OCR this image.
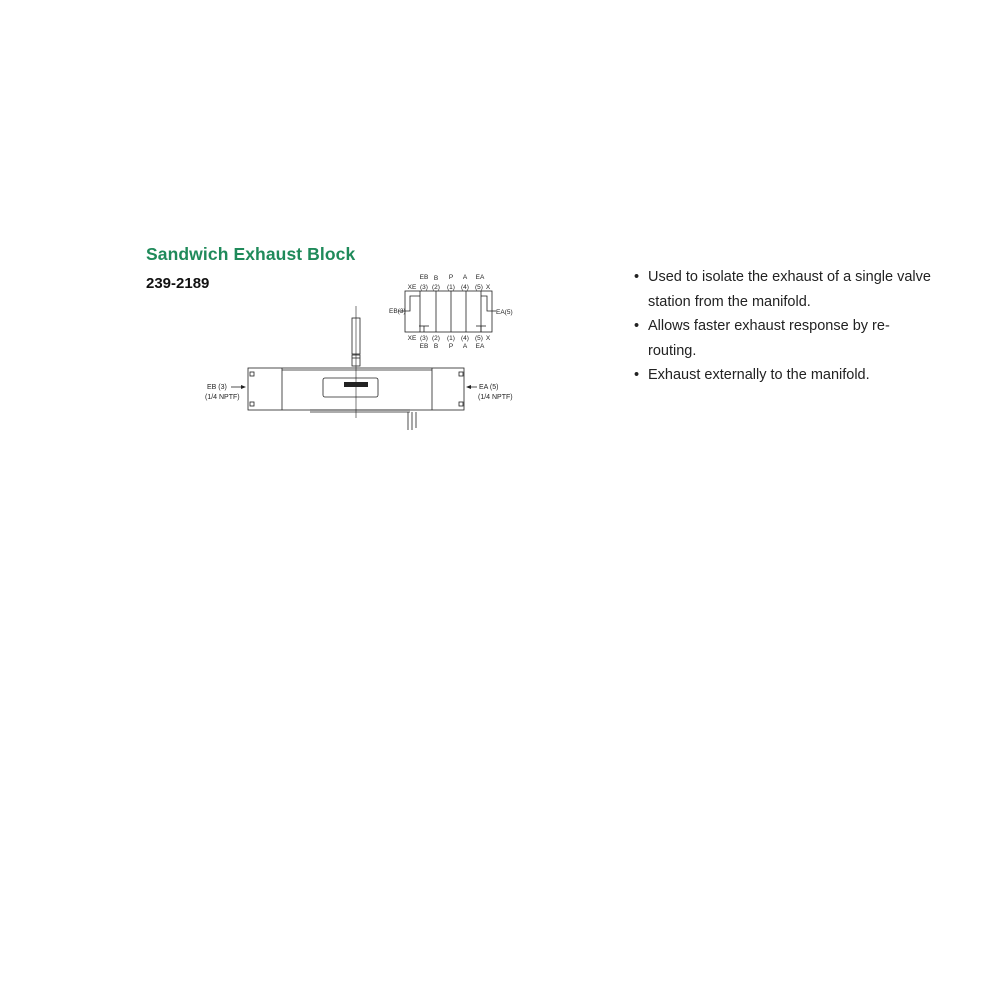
Sandwich Exhaust Block
239-2189
•	Used to isolate the exhaust of a single valve station from the manifold.
• Allows faster exhaust response by re-routing.
• Exhaust externally to the manifold.
EB B P A EA
(3) (2) (1) (4) (5)
XE	X
(3) (2) (1) (4) (5)
XE	X
EB B P A EA
EB(3)	EA(5)
EB (3)
(1/4 NPTF)
EA (5)
(1/4 NPTF)
